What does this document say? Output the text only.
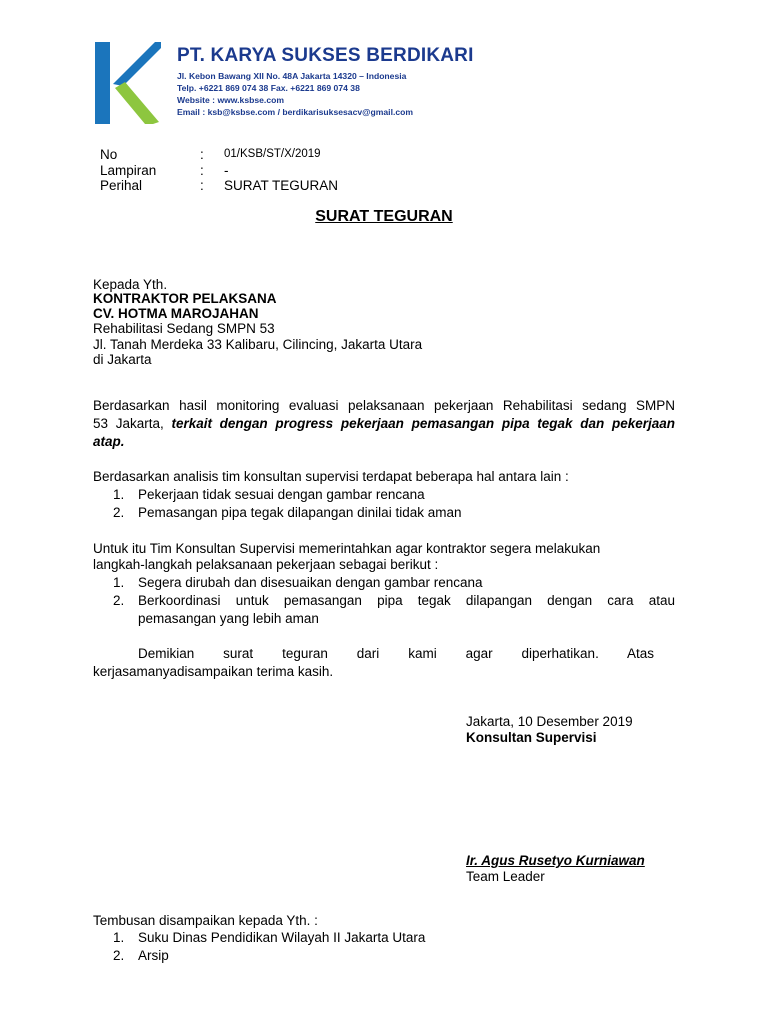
PT. KARYA SUKSES BERDIKARI
Jl. Kebon Bawang XII No. 48A Jakarta 14320 – Indonesia
Telp. +6221 869 074 38 Fax. +6221 869 074 38
Website : www.ksbse.com
Email : ksb@ksbse.com / berdikarisuksesacv@gmail.com
No	: 01/KSB/ST/X/2019
Lampiran	: -
Perihal	: SURAT TEGURAN
SURAT TEGURAN
Kepada Yth.
KONTRAKTOR PELAKSANA
CV. HOTMA MAROJAHAN
Rehabilitasi Sedang SMPN 53
Jl. Tanah Merdeka 33 Kalibaru, Cilincing, Jakarta Utara
di Jakarta
Berdasarkan hasil monitoring evaluasi pelaksanaan pekerjaan Rehabilitasi sedang SMPN
53 Jakarta, terkait dengan progress pekerjaan pemasangan pipa tegak dan pekerjaan
atap.
Berdasarkan analisis tim konsultan supervisi terdapat beberapa hal antara lain :
1. Pekerjaan tidak sesuai dengan gambar rencana
2. Pemasangan pipa tegak dilapangan dinilai tidak aman
Untuk itu Tim Konsultan Supervisi memerintahkan agar kontraktor segera melakukan
langkah-langkah pelaksanaan pekerjaan sebagai berikut :
1. Segera dirubah dan disesuaikan dengan gambar rencana
2. Berkoordinasi untuk pemasangan pipa tegak dilapangan dengan cara atau
pemasangan yang lebih aman
Demikian surat teguran dari kami agar diperhatikan. Atas
kerjasamanyadisampaikan terima kasih.
Jakarta, 10 Desember 2019
Konsultan Supervisi
Ir. Agus Rusetyo Kurniawan
Team Leader
Tembusan disampaikan kepada Yth. :
1. Suku Dinas Pendidikan Wilayah II Jakarta Utara
2. Arsip
